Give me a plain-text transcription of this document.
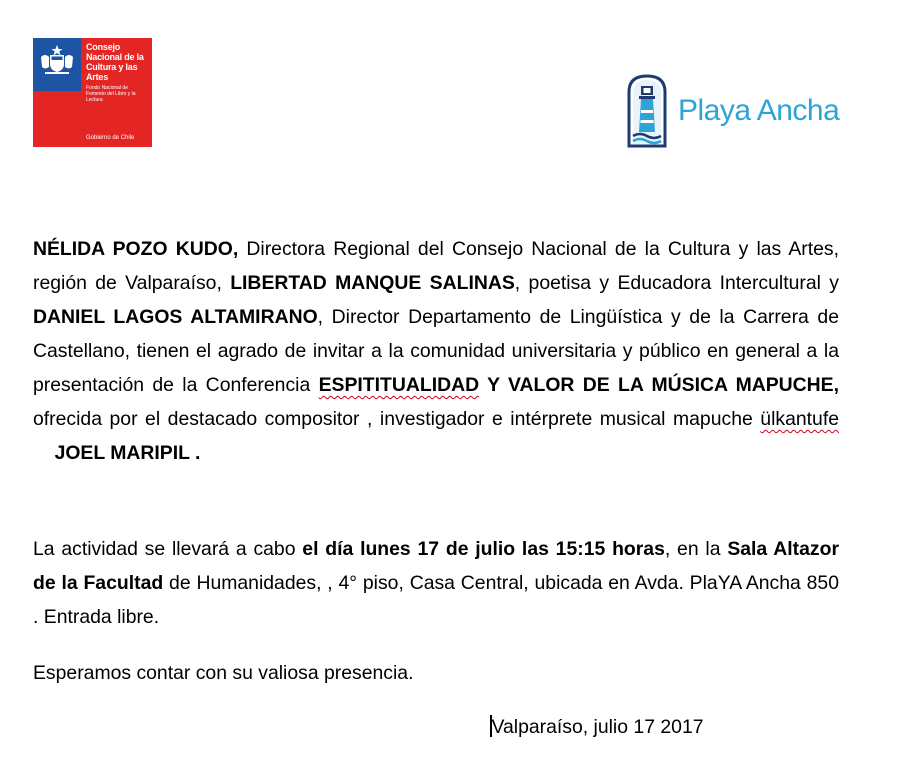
Consejo Nacional de la Cultura y las Artes
Fondo Nacional de Fomento del Libro y la Lectura
Gobierno de Chile
Playa Ancha

NÉLIDA POZO KUDO, Directora Regional del Consejo Nacional de la Cultura y las Artes, región de Valparaíso, LIBERTAD MANQUE SALINAS, poetisa y Educadora Intercultural y DANIEL LAGOS ALTAMIRANO, Director Departamento de Lingüística y de la Carrera de Castellano, tienen el agrado de invitar a la comunidad universitaria y público en general a la presentación de la Conferencia ESPITITUALIDAD Y VALOR DE LA MÚSICA MAPUCHE, ofrecida por el destacado compositor , investigador e intérprete musical mapuche ülkantufe    JOEL MARIPIL .

La actividad se llevará a cabo el día lunes 17 de julio las 15:15 horas, en la Sala Altazor de la Facultad de Humanidades, , 4° piso, Casa Central, ubicada en Avda. PlaYA Ancha 850 . Entrada libre.

Esperamos contar con su valiosa presencia.

Valparaíso, julio 17 2017
